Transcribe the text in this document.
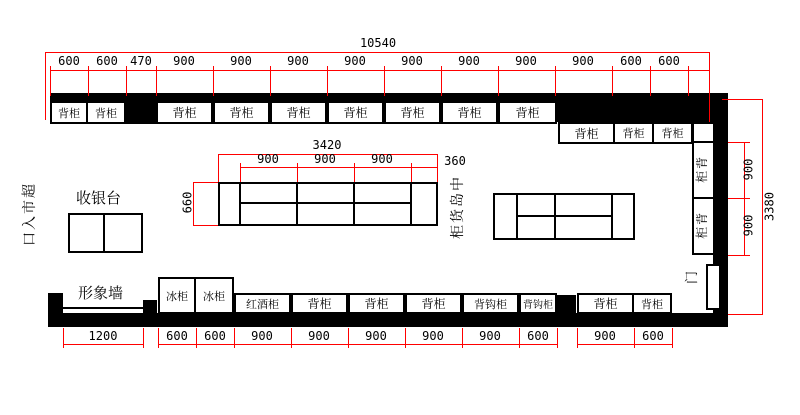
10540
600	600	470	900	900	900	900	900	900	900	900	600	600
3420
900	900	900	360
660
900
900
3380
1200	600	600	900	900	900	900	900	600	900	600
背柜	背柜	背柜	背柜	背柜	背柜	背柜	背柜	背柜
背柜	背柜	背柜
背
柜
背
柜
冰柜	冰柜
红酒柜	背柜	背柜	背柜	背钩柜	背钩柜	背柜	背柜
超
市
入
口
收银台
形象墙
中
岛
货
柜
门
